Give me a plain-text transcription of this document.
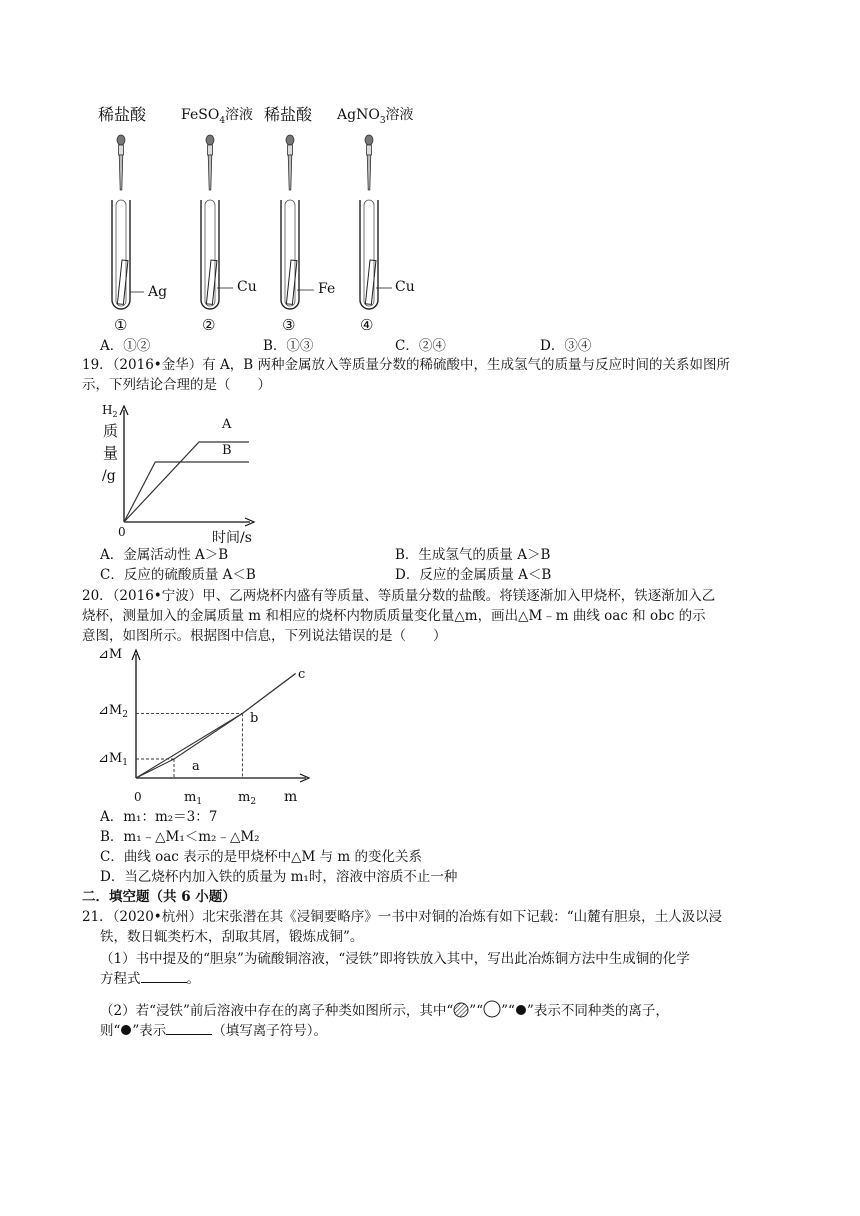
稀盐酸 FeSO$_4$溶液 稀盐酸 AgNO$_3$溶液
Ag	Cu	Fe	Cu
①	②	③	④
A．①②	B．①③	C．②④	D．③④
19．（2016•金华）有 A，B 两种金属放入等质量分数的稀硫酸中，生成氢气的质量与反应时间的关系如图所
示，下列结论合理的是（　　）
A
B
0	时间/s
$H_2$
质
量
/g
A．金属活动性 A＞B	B．生成氢气的质量 A＞B
C．反应的硫酸质量 A＜B	D．反应的金属质量 A＜B
20．（2016•宁波）甲、乙两烧杯内盛有等质量、等质量分数的盐酸。将镁逐渐加入甲烧杯，铁逐渐加入乙
烧杯，测量加入的金属质量 m 和相应的烧杯内物质质量变化量△m，画出△M﹣m 曲线 oac 和 obc 的示
意图，如图所示。根据图中信息，下列说法错误的是（　　）
⊿M
$⊿M_1$
$⊿M_2$
0	$m_1$	$m_2$ m
a
b
c
A．m₁：m₂＝3：7
B．m₁﹣△M₁＜m₂﹣△M₂
C．曲线 oac 表示的是甲烧杯中△M 与 m 的变化关系
D．当乙烧杯内加入铁的质量为 m₁时，溶液中溶质不止一种
二．填空题（共 6 小题）
21．（2020•杭州）北宋张潜在其《浸铜要略序》一书中对铜的冶炼有如下记载：“山麓有胆泉，土人汲以浸
铁，数日辄类朽木，刮取其屑，锻炼成铜”。
（1）书中提及的“胆泉”为硫酸铜溶液，“浸铁”即将铁放入其中，写出此冶炼铜方法中生成铜的化学
方程式	。
（2）若“浸铁”前后溶液中存在的离子种类如图所示，其中“ ”“ ”“ ”表示不同种类的离子，
则“ ”表示	（填写离子符号）。
